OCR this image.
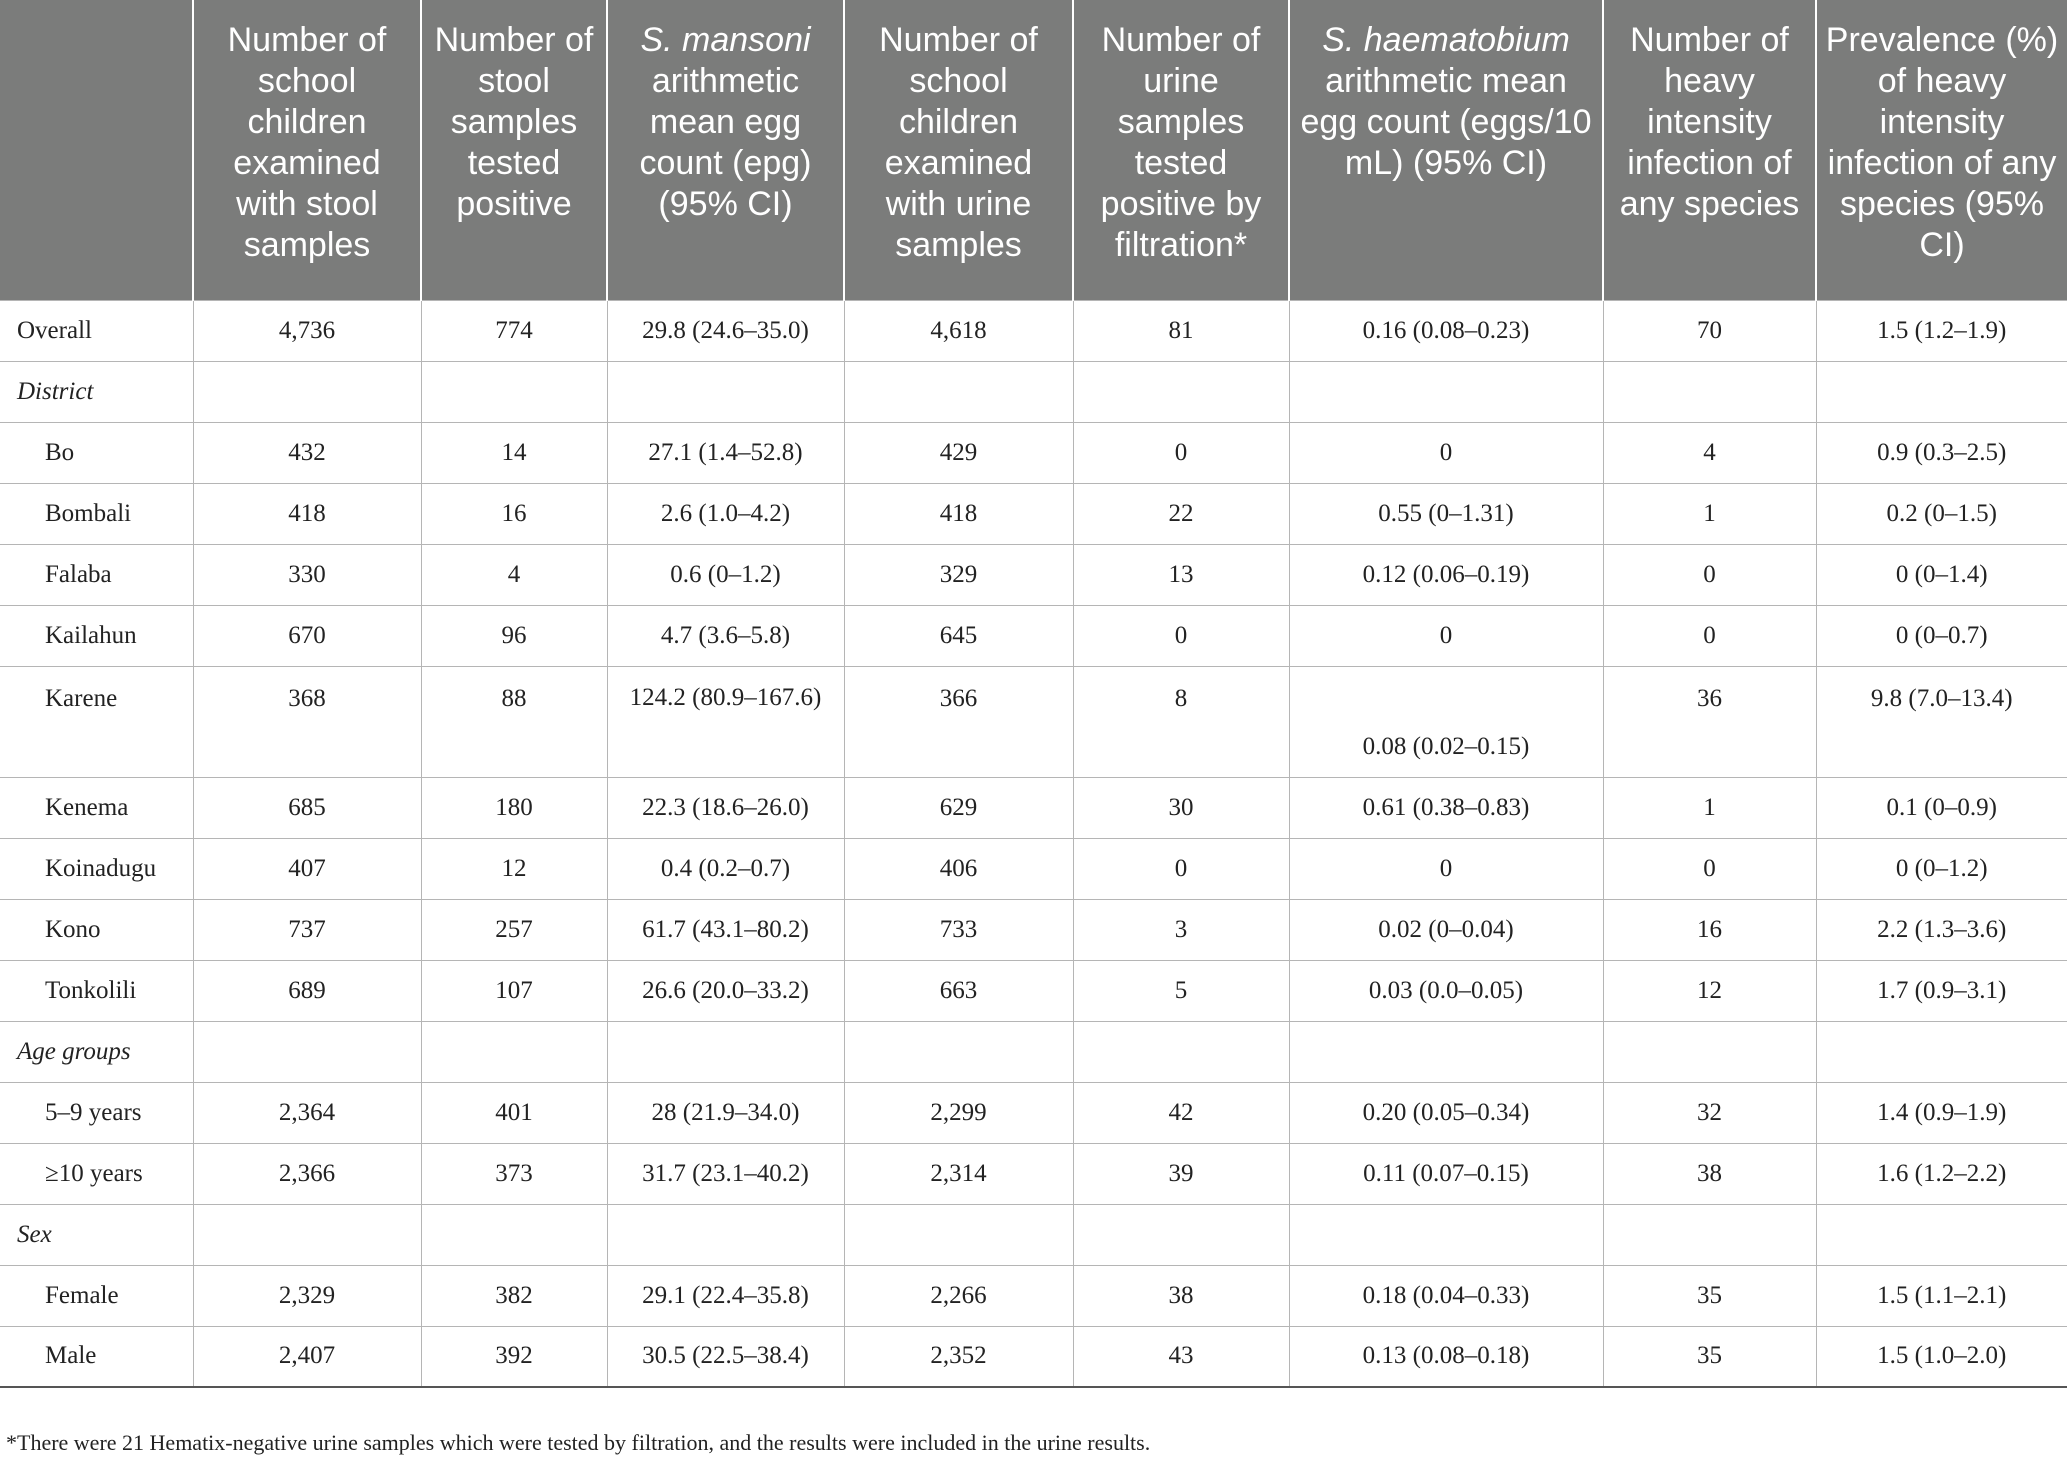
	Number of school children examined with stool samples	Number of stool samples tested positive	S. mansoni arithmetic mean egg count (epg) (95% CI)	Number of school children examined with urine samples	Number of urine samples tested positive by filtration*	S. haematobium arithmetic mean egg count (eggs/10 mL) (95% CI)	Number of heavy intensity infection of any species	Prevalence (%) of heavy intensity infection of any species (95% CI)
Overall	4,736	774	29.8 (24.6–35.0)	4,618	81	0.16 (0.08–0.23)	70	1.5 (1.2–1.9)
District								
Bo	432	14	27.1 (1.4–52.8)	429	0	0	4	0.9 (0.3–2.5)
Bombali	418	16	2.6 (1.0–4.2)	418	22	0.55 (0–1.31)	1	0.2 (0–1.5)
Falaba	330	4	0.6 (0–1.2)	329	13	0.12 (0.06–0.19)	0	0 (0–1.4)
Kailahun	670	96	4.7 (3.6–5.8)	645	0	0	0	0 (0–0.7)
Karene	368	88	124.2 (80.9–167.6)	366	8	0.08 (0.02–0.15)	36	9.8 (7.0–13.4)
Kenema	685	180	22.3 (18.6–26.0)	629	30	0.61 (0.38–0.83)	1	0.1 (0–0.9)
Koinadugu	407	12	0.4 (0.2–0.7)	406	0	0	0	0 (0–1.2)
Kono	737	257	61.7 (43.1–80.2)	733	3	0.02 (0–0.04)	16	2.2 (1.3–3.6)
Tonkolili	689	107	26.6 (20.0–33.2)	663	5	0.03 (0.0–0.05)	12	1.7 (0.9–3.1)
Age groups								
5–9 years	2,364	401	28 (21.9–34.0)	2,299	42	0.20 (0.05–0.34)	32	1.4 (0.9–1.9)
≥10 years	2,366	373	31.7 (23.1–40.2)	2,314	39	0.11 (0.07–0.15)	38	1.6 (1.2–2.2)
Sex								
Female	2,329	382	29.1 (22.4–35.8)	2,266	38	0.18 (0.04–0.33)	35	1.5 (1.1–2.1)
Male	2,407	392	30.5 (22.5–38.4)	2,352	43	0.13 (0.08–0.18)	35	1.5 (1.0–2.0)
*There were 21 Hematix-negative urine samples which were tested by filtration, and the results were included in the urine results.
